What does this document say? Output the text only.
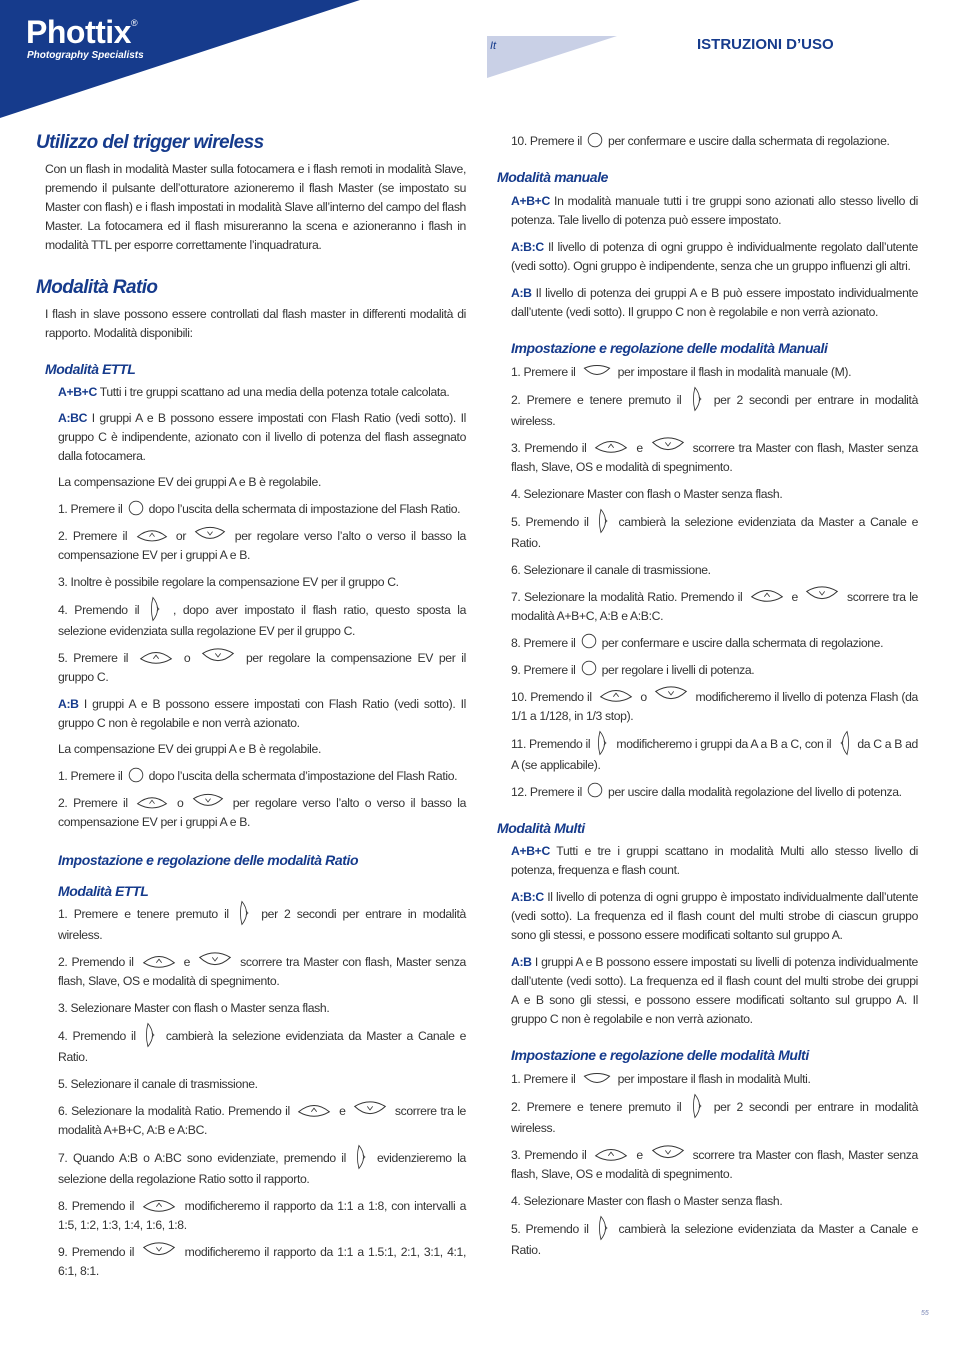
Phottix®
Photography Specialists
It	ISTRUZIONI D’USO
55
Utilizzo del trigger wireless

Con un flash in modalità Master sulla fotocamera e i flash remoti in modalità Slave, premendo il pulsante dell’otturatore azioneremo il flash Master (se impostato su Master con flash) e i flash impostati in modalità Slave all’interno del campo del flash Master. La fotocamera ed il flash misureranno la scena e azioneranno i flash in modalità TTL per esporre correttamente l’inquadratura.

Modalità Ratio

I flash in slave possono essere controllati dal flash master in differenti modalità di rapporto. Modalità disponibili:

Modalità ETTL

A+B+C Tutti i tre gruppi scattano ad una media della potenza totale calcolata.

A:BC I gruppi A e B possono essere impostati con Flash Ratio (vedi sotto). Il gruppo C è indipendente, azionato con il livello di potenza del flash assegnato dalla fotocamera.

La compensazione EV dei gruppi A e B è regolabile.

1. Premere il
dopo l’uscita della schermata di impostazione del Flash Ratio.

2. Premere il	or	per regolare verso l’alto o verso il basso la compensazione EV per i gruppi A e B.

3. Inoltre è possibile regolare la compensazione EV per il gruppo C.

4. Premendo il
, dopo aver impostato il flash ratio, questo sposta la selezione evidenziata sulla regolazione EV per il gruppo C.

5. Premere il	o	per regolare la compensazione EV per il gruppo C.

A:B I gruppi A e B possono essere impostati con Flash Ratio (vedi sotto). Il gruppo C non è regolabile e non verrà azionato.

La compensazione EV dei gruppi A e B è regolabile.

1. Premere il
dopo l’uscita della schermata d’impostazione del Flash Ratio.

2. Premere il	o	per regolare verso l’alto o verso il basso la compensazione EV per i gruppi A e B.

Impostazione e regolazione delle modalità Ratio
Modalità ETTL

1. Premere e tenere premuto il
per 2 secondi per entrare in modalità wireless.

2. Premendo il	e	scorrere tra Master con flash, Master senza flash, Slave, OS e modalità di spegnimento.

3. Selezionare Master con flash o Master senza flash.

4. Premendo il
cambierà la selezione evidenziata da Master a Canale e Ratio.

5. Selezionare il canale di trasmissione.

6. Selezionare la modalità Ratio. Premendo il	e	scorrere tra le modalità A+B+C, A:B e A:BC.

7. Quando A:B o A:BC sono evidenziate, premendo il
evidenzieremo la selezione della regolazione Ratio sotto il rapporto.

8. Premendo il	modificheremo il rapporto da 1:1 a 1:8, con intervalli a 1:5, 1:2, 1:3, 1:4, 1:6, 1:8.

9. Premendo il	modificheremo il rapporto da 1:1 a 1.5:1, 2:1, 3:1, 4:1, 6:1, 8:1.

10. Premere il
per confermare e uscire dalla schermata di regolazione.

Modalità manuale

A+B+C In modalità manuale tutti i tre gruppi sono azionati allo stesso livello di potenza. Tale livello di potenza può essere impostato.

A:B:C Il livello di potenza di ogni gruppo è individualmente regolato dall’utente (vedi sotto). Ogni gruppo è indipendente, senza che un gruppo influenzi gli altri.

A:B Il livello di potenza dei gruppi A e B può essere impostato individualmente dall’utente (vedi sotto). Il gruppo C non è regolabile e non verrà azionato.

Impostazione e regolazione delle modalità Manuali

1. Premere il	per impostare il flash in modalità manuale (M).

2. Premere e tenere premuto il
per 2 secondi per entrare in modalità wireless.

3. Premendo il	e	scorrere tra Master con flash, Master senza flash, Slave, OS e modalità di spegnimento.

4. Selezionare Master con flash o Master senza flash.

5. Premendo il
cambierà la selezione evidenziata da Master a Canale e Ratio.

6. Selezionare il canale di trasmissione.

7. Selezionare la modalità Ratio. Premendo il	e	scorrere tra le modalità A+B+C, A:B e A:B:C.

8. Premere il
per confermare e uscire dalla schermata di regolazione.

9. Premere il
per regolare i livelli di potenza.

10. Premendo il	o	modificheremo il livello di potenza Flash (da 1/1 a 1/128, in 1/3 stop).

11. Premendo il
modificheremo i gruppi da A a B a C, con il
da C a B ad A (se applicabile).

12. Premere il
per uscire dalla modalità regolazione del livello di potenza.

Modalità Multi

A+B+C Tutti e tre i gruppi scattano in modalità Multi allo stesso livello di potenza, frequenza e flash count.

A:B:C Il livello di potenza di ogni gruppo è impostato individualmente dall’utente (vedi sotto). La frequenza ed il flash count del multi strobe di ciascun gruppo sono gli stessi, e possono essere modificati soltanto sul gruppo A.

A:B I gruppi A e B possono essere impostati su livelli di potenza individualmente dall’utente (vedi sotto). La frequenza ed il flash count del multi strobe dei gruppi A e B sono gli stessi, e possono essere modificati soltanto sul gruppo A. Il gruppo C non è regolabile e non verrà azionato.

Impostazione e regolazione delle modalità Multi

1. Premere il	per impostare il flash in modalità Multi.

2. Premere e tenere premuto il
per 2 secondi per entrare in modalità wireless.

3. Premendo il	e	scorrere tra Master con flash, Master senza flash, Slave, OS e modalità di spegnimento.

4. Selezionare Master con flash o Master senza flash.

5. Premendo il
cambierà la selezione evidenziata da Master a Canale e Ratio.
